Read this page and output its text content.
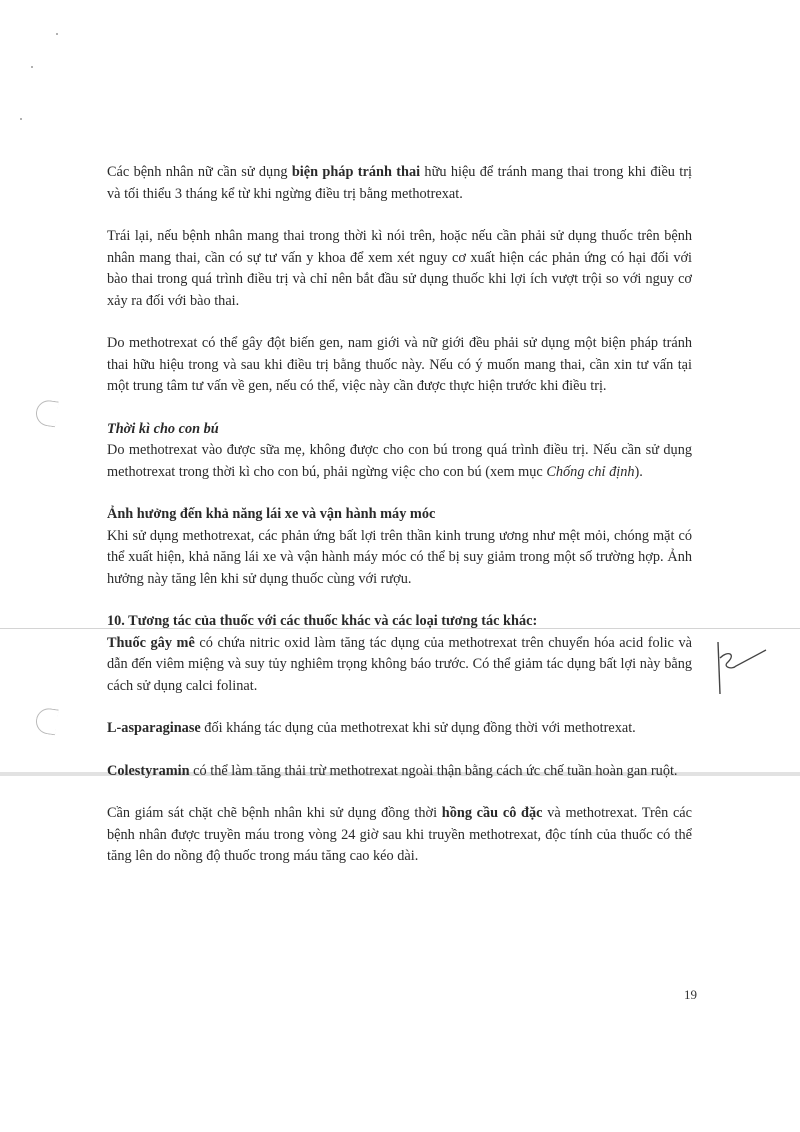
Các bệnh nhân nữ cần sử dụng biện pháp tránh thai hữu hiệu để tránh mang thai trong khi điều trị và tối thiểu 3 tháng kể từ khi ngừng điều trị bằng methotrexat.

Trái lại, nếu bệnh nhân mang thai trong thời kì nói trên, hoặc nếu cần phải sử dụng thuốc trên bệnh nhân mang thai, cần có sự tư vấn y khoa để xem xét nguy cơ xuất hiện các phản ứng có hại đối với bào thai trong quá trình điều trị và chỉ nên bắt đầu sử dụng thuốc khi lợi ích vượt trội so với nguy cơ xảy ra đối với bào thai.

Do methotrexat có thể gây đột biến gen, nam giới và nữ giới đều phải sử dụng một biện pháp tránh thai hữu hiệu trong và sau khi điều trị bằng thuốc này. Nếu có ý muốn mang thai, cần xin tư vấn tại một trung tâm tư vấn về gen, nếu có thể, việc này cần được thực hiện trước khi điều trị.

Thời kì cho con bú

Do methotrexat vào được sữa mẹ, không được cho con bú trong quá trình điều trị. Nếu cần sử dụng methotrexat trong thời kì cho con bú, phải ngừng việc cho con bú (xem mục Chống chỉ định).

Ảnh hưởng đến khả năng lái xe và vận hành máy móc

Khi sử dụng methotrexat, các phản ứng bất lợi trên thần kinh trung ương như mệt mỏi, chóng mặt có thể xuất hiện, khả năng lái xe và vận hành máy móc có thể bị suy giảm trong một số trường hợp. Ảnh hưởng này tăng lên khi sử dụng thuốc cùng với rượu.

10. Tương tác của thuốc với các thuốc khác và các loại tương tác khác:

Thuốc gây mê có chứa nitric oxid làm tăng tác dụng của methotrexat trên chuyển hóa acid folic và dẫn đến viêm miệng và suy tủy nghiêm trọng không báo trước. Có thể giảm tác dụng bất lợi này bằng cách sử dụng calci folinat.

L-asparaginase đối kháng tác dụng của methotrexat khi sử dụng đồng thời với methotrexat.

Colestyramin có thể làm tăng thải trừ methotrexat ngoài thận bằng cách ức chế tuần hoàn gan ruột.

Cần giám sát chặt chẽ bệnh nhân khi sử dụng đồng thời hồng cầu cô đặc và methotrexat. Trên các bệnh nhân được truyền máu trong vòng 24 giờ sau khi truyền methotrexat, độc tính của thuốc có thể tăng lên do nồng độ thuốc trong máu tăng cao kéo dài.

19
